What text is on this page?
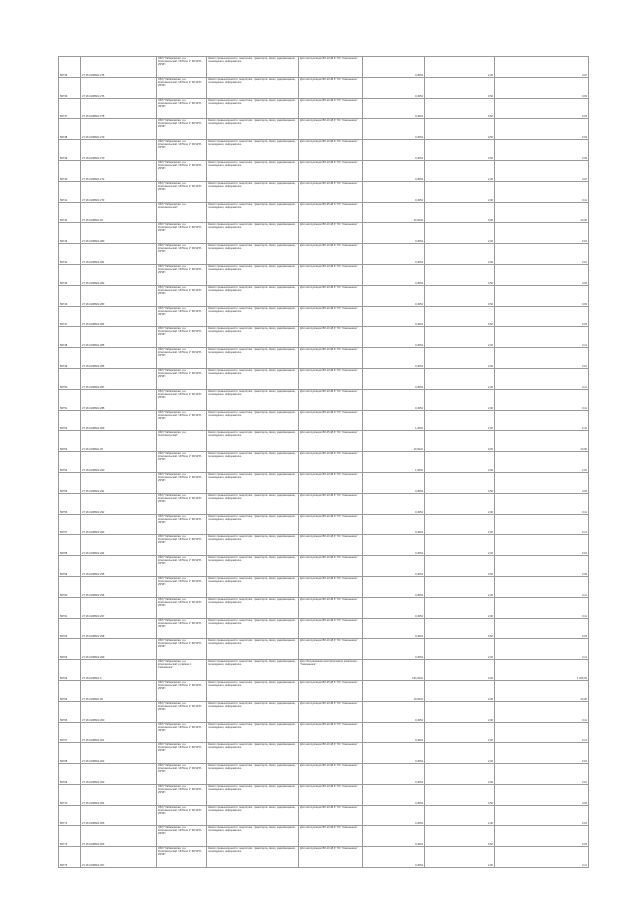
86735	27:16:0108601:276	ОБЛ "Хабаровская, р-н Комсомольский, 16/Поле 2" МУНПУ-ИРЭП	Земли промышленности, энергетики, транспорта, связи, радиовещания, телевидения, информатики	Для эксплуатации ВЛ-10 кВ 6" ПС "Смешанное"	0,4054	2,00	0,16
86736	27:16:0108601:276	ОБЛ "Хабаровская, р-н Комсомольский, 16/Поле 2" МУНПУ-ИРЭП	Земли промышленности, энергетики, транспорта, связи, радиовещания, телевидения, информатики	Для эксплуатации ВЛ-10 кВ 6" ПС "Смешанное"	0,4054	0,50	0,03
86737	27:16:0108601:278	ОБЛ "Хабаровская, р-н Комсомольский, 16/Поле 2" МУНПУ-ИРЭП	Земли промышленности, энергетики, транспорта, связи, радиовещания, телевидения, информатики	Для эксплуатации ВЛ-10 кВ 6" ПС "Смешанное"	0,4054	0,50	0,03
86738	27:16:0108601:279	ОБЛ "Хабаровская, р-н Комсомольский, 16/Поле 2" МУНПУ-ИРЭП	Земли промышленности, энергетики, транспорта, связи, радиовещания, телевидения, информатики	Для эксплуатации ВЛ-10 кВ 6" ПС "Смешанное"	0,4054	0,50	0,03
86739	27:16:0108601:270	ОБЛ "Хабаровская, р-н Комсомольский, 16/Поле 2" МУНПУ-ИРЭП	Земли промышленности, энергетики, транспорта, связи, радиовещания, телевидения, информатики	Для эксплуатации ВЛ-10 кВ 6" ПС "Смешанное"	0,4054	0,50	0,03
86740	27:16:0108601:272	ОБЛ "Хабаровская, р-н Комсомольский, 16/Поле 2" МУНПУ-ИРЭП	Земли промышленности, энергетики, транспорта, связи, радиовещания, телевидения, информатики	Для эксплуатации ВЛ-10 кВ 6" ПС "Смешанное"	0,4054	2,00	0,16
86741	27:16:0108601:273	ОБЛ "Хабаровская, р-н Комсомольский, 16/Поле 2" МУНПУ-ИРЭП	Земли промышленности, энергетики, транспорта, связи, радиовещания, телевидения, информатики	Для эксплуатации ВЛ-10 кВ 6" ПС "Смешанное"	0,4054	2,00	0,11
86742	27:16:0108601:20	ОБЛ "Хабаровская, р-н Комсомольский"	Земли промышленности, энергетики, транспорта, связи, радиовещания, телевидения, информатики	Для эксплуатации ВЛ-35 кВ 6" ПС "Смешанное"	10,0024	0,00	20,00
86743	27:16:0108601:280	ОБЛ "Хабаровская, р-н Комсомольский, 16/Поле 2" МУНПУ-ИРЭП	Земли промышленности, энергетики, транспорта, связи, радиовещания, телевидения, информатики	Для эксплуатации ВЛ-10 кВ 6" ПС "Смешанное"	0,4054	2,00	0,16
86744	27:16:0108601:281	ОБЛ "Хабаровская, р-н Комсомольский, 16/Поле 2" МУНПУ-ИРЭП	Земли промышленности, энергетики, транспорта, связи, радиовещания, телевидения, информатики	Для эксплуатации ВЛ-10 кВ 6" ПС "Смешанное"	0,4054	2,00	0,16
86745	27:16:0108601:282	ОБЛ "Хабаровская, р-н Комсомольский, 16/Поле 2" МУНПУ-ИРЭП	Земли промышленности, энергетики, транспорта, связи, радиовещания, телевидения, информатики	Для эксплуатации ВЛ-10 кВ 6" ПС "Смешанное"	0,4054	0,50	0,03
86746	27:16:0108601:283	ОБЛ "Хабаровская, р-н Комсомольский, 16/Поле 2" МУНПУ-ИРЭП	Земли промышленности, энергетики, транспорта, связи, радиовещания, телевидения, информатики	Для эксплуатации ВЛ-10 кВ 6" ПС "Смешанное"	0,4054	0,50	0,03
86747	27:16:0108601:284	ОБЛ "Хабаровская, р-н Комсомольский, 16/Поле 2" МУНПУ-ИРЭП	Земли промышленности, энергетики, транспорта, связи, радиовещания, телевидения, информатики	Для эксплуатации ВЛ-10 кВ 6" ПС "Смешанное"	0,4054	0,50	0,03
86748	27:16:0108601:285	ОБЛ "Хабаровская, р-н Комсомольский, 16/Поле 2" МУНПУ-ИРЭП	Земли промышленности, энергетики, транспорта, связи, радиовещания, телевидения, информатики	Для эксплуатации ВЛ-10 кВ 6" ПС "Смешанное"	0,4054	2,00	0,11
86749	27:16:0108601:286	ОБЛ "Хабаровская, р-н Комсомольский, 16/Поле 2" МУНПУ-ИРЭП	Земли промышленности, энергетики, транспорта, связи, радиовещания, телевидения, информатики	Для эксплуатации ВЛ-10 кВ 6" ПС "Смешанное"	0,4054	2,00	0,16
86750	27:16:0108601:287	ОБЛ "Хабаровская, р-н Комсомольский, 16/Поле 2" МУНПУ-ИРЭП	Земли промышленности, энергетики, транспорта, связи, радиовещания, телевидения, информатики	Для эксплуатации ВЛ-10 кВ 6" ПС "Смешанное"	0,4054	2,00	0,11
86751	27:16:0108601:288	ОБЛ "Хабаровская, р-н Комсомольский, 16/Поле 2" МУНПУ-ИРЭП	Земли промышленности, энергетики, транспорта, связи, радиовещания, телевидения, информатики	Для эксплуатации ВЛ-10 кВ 6" ПС "Смешанное"	0,4054	2,00	0,11
86752	27:16:0108601:289	ОБЛ "Хабаровская, р-н Комсомольский, 16/Поле 2" МУНПУ-ИРЭП	Земли промышленности, энергетики, транспорта, связи, радиовещания, телевидения, информатики	Для эксплуатации ВЛ-10 кВ 6" ПС "Смешанное"	1,2064	2,00	2,41
86753	27:16:0108601:30	ОБЛ "Хабаровская, р-н Комсомольский"	Земли промышленности, энергетики, транспорта, связи, радиовещания, телевидения, информатики	Для эксплуатации ВЛ-35 кВ 6" ПС "Смешанное"	10,0024	0,00	20,00
86754	27:16:0108601:290	ОБЛ "Хабаровская, р-н Комсомольский, 16/Поле 2" МУНПУ-ИРЭП	Земли промышленности, энергетики, транспорта, связи, радиовещания, телевидения, информатики	Для эксплуатации ВЛ-10 кВ 6" ПС "Смешанное"	1,0054	2,00	2,01
86755	27:16:0108601:291	ОБЛ "Хабаровская, р-н Комсомольский, 16/Поле 2" МУНПУ-ИРЭП	Земли промышленности, энергетики, транспорта, связи, радиовещания, телевидения, информатики	Для эксплуатации ВЛ-10 кВ 6" ПС "Смешанное"	0,4054	0,50	0,03
86756	27:16:0108601:292	ОБЛ "Хабаровская, р-н Комсомольский, 16/Поле 2" МУНПУ-ИРЭП	Земли промышленности, энергетики, транспорта, связи, радиовещания, телевидения, информатики	Для эксплуатации ВЛ-10 кВ 6" ПС "Смешанное"	0,4054	2,00	0,11
86757	27:16:0108601:293	ОБЛ "Хабаровская, р-н Комсомольский, 16/Поле 2" МУНПУ-ИРЭП	Земли промышленности, энергетики, транспорта, связи, радиовещания, телевидения, информатики	Для эксплуатации ВЛ-10 кВ 6" ПС "Смешанное"	0,4054	2,00	0,11
86758	27:16:0108601:294	ОБЛ "Хабаровская, р-н Комсомольский, 16/Поле 2" МУНПУ-ИРЭП	Земли промышленности, энергетики, транспорта, связи, радиовещания, телевидения, информатики	Для эксплуатации ВЛ-10 кВ 6" ПС "Смешанное"	0,4054	2,00	0,16
86759	27:16:0108601:295	ОБЛ "Хабаровская, р-н Комсомольский, 16/Поле 2" МУНПУ-ИРЭП	Земли промышленности, энергетики, транспорта, связи, радиовещания, телевидения, информатики	Для эксплуатации ВЛ-10 кВ 6" ПС "Смешанное"	0,4054	0,50	0,03
86760	27:16:0108601:296	ОБЛ "Хабаровская, р-н Комсомольский, 16/Поле 2" МУНПУ-ИРЭП	Земли промышленности, энергетики, транспорта, связи, радиовещания, телевидения, информатики	Для эксплуатации ВЛ-10 кВ 6" ПС "Смешанное"	0,4054	2,00	0,11
86761	27:16:0108601:297	ОБЛ "Хабаровская, р-н Комсомольский, 16/Поле 2" МУНПУ-ИРЭП	Земли промышленности, энергетики, транспорта, связи, радиовещания, телевидения, информатики	Для эксплуатации ВЛ-10 кВ 6" ПС "Смешанное"	0,4054	2,00	0,11
86762	27:16:0108601:298	ОБЛ "Хабаровская, р-н Комсомольский, 16/Поле 2" МУНПУ-ИРЭП	Земли промышленности, энергетики, транспорта, связи, радиовещания, телевидения, информатики	Для эксплуатации ВЛ-10 кВ 6" ПС "Смешанное"	0,4054	0,50	0,03
86763	27:16:0108601:299	ОБЛ "Хабаровская, р-н Комсомольский, 16/Поле 2" МУНПУ-ИРЭП	Земли промышленности, энергетики, транспорта, связи, радиовещания, телевидения, информатики	Для эксплуатации ВЛ-10 кВ 6" ПС "Смешанное"	0,4054	2,00	0,11
86764	27:16:0108601:3	ОБЛ "Хабаровская, р-н Комсомольский, в районе п. Смешанное"	Земли промышленности, энергетики, транспорта, связи, радиовещания, телевидения, информатики	Для обслуживания электросетевого комплекса "Смешанное"	154,0024	0,00	1 305,94
86765	27:16:0108601:30	ОБЛ "Хабаровская, р-н Комсомольский, 16/Поле 2" МУНПУ-ИРЭП	Земли промышленности, энергетики, транспорта, связи, радиовещания, телевидения, информатики	Для эксплуатации ВЛ-35 кВ 6" ПС "Смешанное"	10,0024	0,00	20,00
86766	27:16:0108601:300	ОБЛ "Хабаровская, р-н Комсомольский, 16/Поле 2" МУНПУ-ИРЭП	Земли промышленности, энергетики, транспорта, связи, радиовещания, телевидения, информатики	Для эксплуатации ВЛ-10 кВ 6" ПС "Смешанное"	0,4054	2,00	0,11
86767	27:16:0108601:301	ОБЛ "Хабаровская, р-н Комсомольский, 16/Поле 2" МУНПУ-ИРЭП	Земли промышленности, энергетики, транспорта, связи, радиовещания, телевидения, информатики	Для эксплуатации ВЛ-10 кВ 6" ПС "Смешанное"	0,4054	2,00	0,11
86768	27:16:0108601:302	ОБЛ "Хабаровская, р-н Комсомольский, 16/Поле 2" МУНПУ-ИРЭП	Земли промышленности, энергетики, транспорта, связи, радиовещания, телевидения, информатики	Для эксплуатации ВЛ-10 кВ 6" ПС "Смешанное"	0,4054	2,00	0,16
86769	27:16:0108601:303	ОБЛ "Хабаровская, р-н Комсомольский, 16/Поле 2" МУНПУ-ИРЭП	Земли промышленности, энергетики, транспорта, связи, радиовещания, телевидения, информатики	Для эксплуатации ВЛ-10 кВ 6" ПС "Смешанное"	0,4054	2,00	0,16
86770	27:16:0108601:304	ОБЛ "Хабаровская, р-н Комсомольский, 16/Поле 2" МУНПУ-ИРЭП	Земли промышленности, энергетики, транспорта, связи, радиовещания, телевидения, информатики	Для эксплуатации ВЛ-10 кВ 6" ПС "Смешанное"	0,4054	0,50	0,03
86771	27:16:0108601:305	ОБЛ "Хабаровская, р-н Комсомольский, 16/Поле 2" МУНПУ-ИРЭП	Земли промышленности, энергетики, транспорта, связи, радиовещания, телевидения, информатики	Для эксплуатации ВЛ-10 кВ 6" ПС "Смешанное"	0,4054	2,00	0,16
86772	27:16:0108601:306	ОБЛ "Хабаровская, р-н Комсомольский, 16/Поле 2" МУНПУ-ИРЭП	Земли промышленности, энергетики, транспорта, связи, радиовещания, телевидения, информатики	Для эксплуатации ВЛ-10 кВ 6" ПС "Смешанное"	0,4054	0,50	0,03
86773	27:16:0108601:307	ОБЛ "Хабаровская, р-н Комсомольский, 16/Поле 2" МУНПУ-ИРЭП	Земли промышленности, энергетики, транспорта, связи, радиовещания, телевидения, информатики	Для эксплуатации ВЛ-10 кВ 6" ПС "Смешанное"	0,4054	2,00	0,11
